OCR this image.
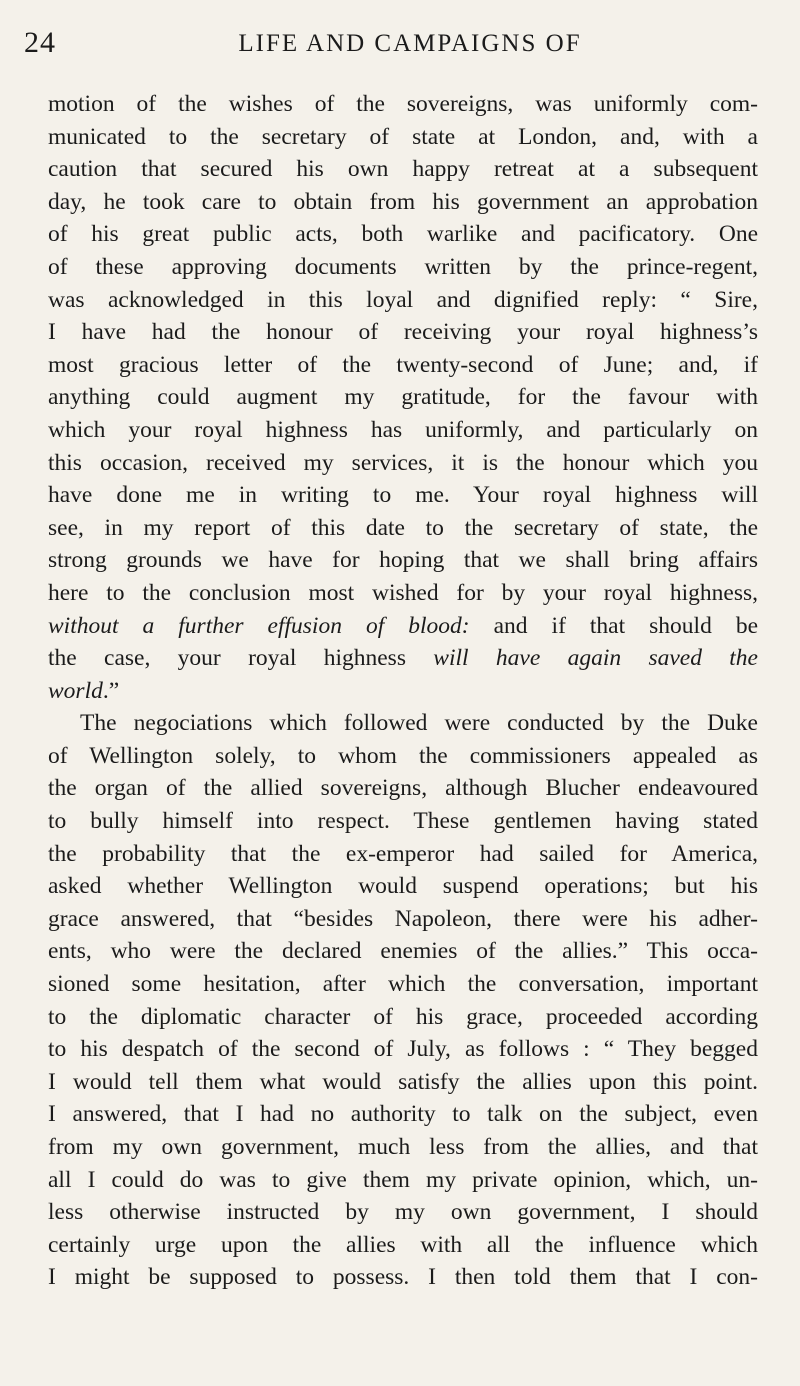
24	LIFE AND CAMPAIGNS OF
motion of the wishes of the sovereigns, was uniformly com-
municated to the secretary of state at London, and, with a
caution that secured his own happy retreat at a subsequent
day, he took care to obtain from his government an approbation
of his great public acts, both warlike and pacificatory. One
of these approving documents written by the prince-regent,
was acknowledged in this loyal and dignified reply: “ Sire,
I have had the honour of receiving your royal highness’s
most gracious letter of the twenty-second of June; and, if
anything could augment my gratitude, for the favour with
which your royal highness has uniformly, and particularly on
this occasion, received my services, it is the honour which you
have done me in writing to me. Your royal highness will
see, in my report of this date to the secretary of state, the
strong grounds we have for hoping that we shall bring affairs
here to the conclusion most wished for by your royal highness,
without a further effusion of blood: and if that should be
the case, your royal highness will have again saved the
world.”
The negociations which followed were conducted by the Duke
of Wellington solely, to whom the commissioners appealed as
the organ of the allied sovereigns, although Blucher endeavoured
to bully himself into respect. These gentlemen having stated
the probability that the ex-emperor had sailed for America,
asked whether Wellington would suspend operations; but his
grace answered, that “besides Napoleon, there were his adher-
ents, who were the declared enemies of the allies.” This occa-
sioned some hesitation, after which the conversation, important
to the diplomatic character of his grace, proceeded according
to his despatch of the second of July, as follows : “ They begged
I would tell them what would satisfy the allies upon this point.
I answered, that I had no authority to talk on the subject, even
from my own government, much less from the allies, and that
all I could do was to give them my private opinion, which, un-
less otherwise instructed by my own government, I should
certainly urge upon the allies with all the influence which
I might be supposed to possess. I then told them that I con-
